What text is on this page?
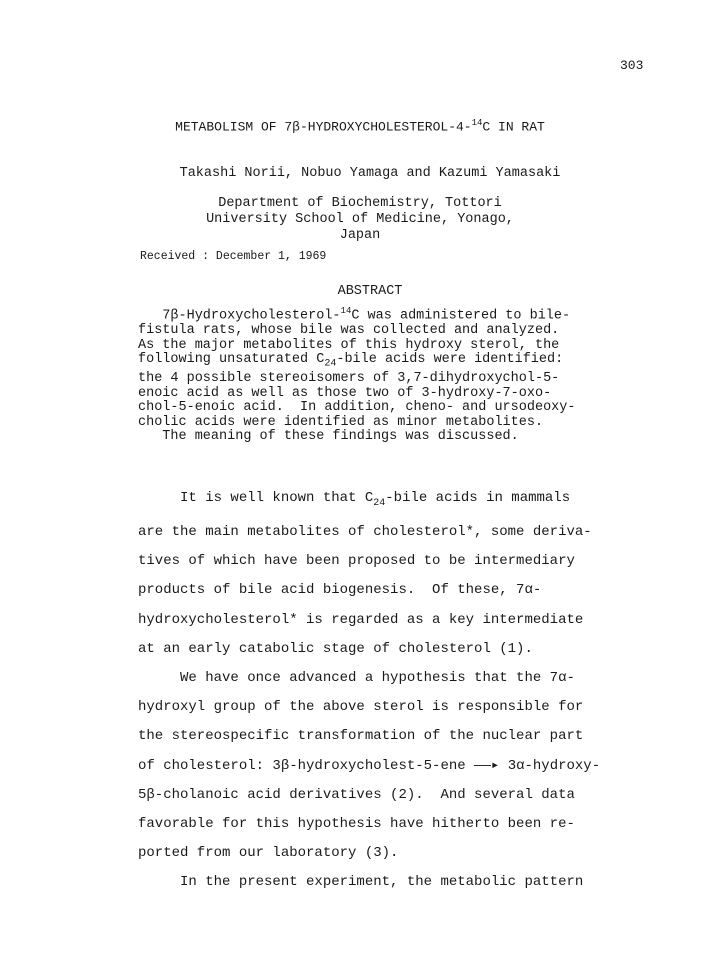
303
METABOLISM OF 7β-HYDROXYCHOLESTEROL-4-$^{14}$C IN RAT
Takashi Norii, Nobuo Yamaga and Kazumi Yamasaki
Department of Biochemistry, Tottori
University School of Medicine, Yonago,
Japan
Received : December 1, 1969
ABSTRACT
7β-Hydroxycholesterol-$^{14}$C was administered to bile-
fistula rats, whose bile was collected and analyzed.
As the major metabolites of this hydroxy sterol, the
following unsaturated $C_{24}$-bile acids were identified:
the 4 possible stereoisomers of 3,7-dihydroxychol-5-
enoic acid as well as those two of 3-hydroxy-7-oxo-
chol-5-enoic acid.  In addition, cheno- and ursodeoxy-
cholic acids were identified as minor metabolites.
The meaning of these findings was discussed.
It is well known that $C_{24}$-bile acids in mammals
are the main metabolites of cholesterol*, some deriva-
tives of which have been proposed to be intermediary
products of bile acid biogenesis.  Of these, 7α-
hydroxycholesterol* is regarded as a key intermediate
at an early catabolic stage of cholesterol (1).
We have once advanced a hypothesis that the 7α-
hydroxyl group of the above sterol is responsible for
the stereospecific transformation of the nuclear part
of cholesterol: 3β-hydroxycholest-5-ene ——▸ 3α-hydroxy-
5β-cholanoic acid derivatives (2).  And several data
favorable for this hypothesis have hitherto been re-
ported from our laboratory (3).
In the present experiment, the metabolic pattern
